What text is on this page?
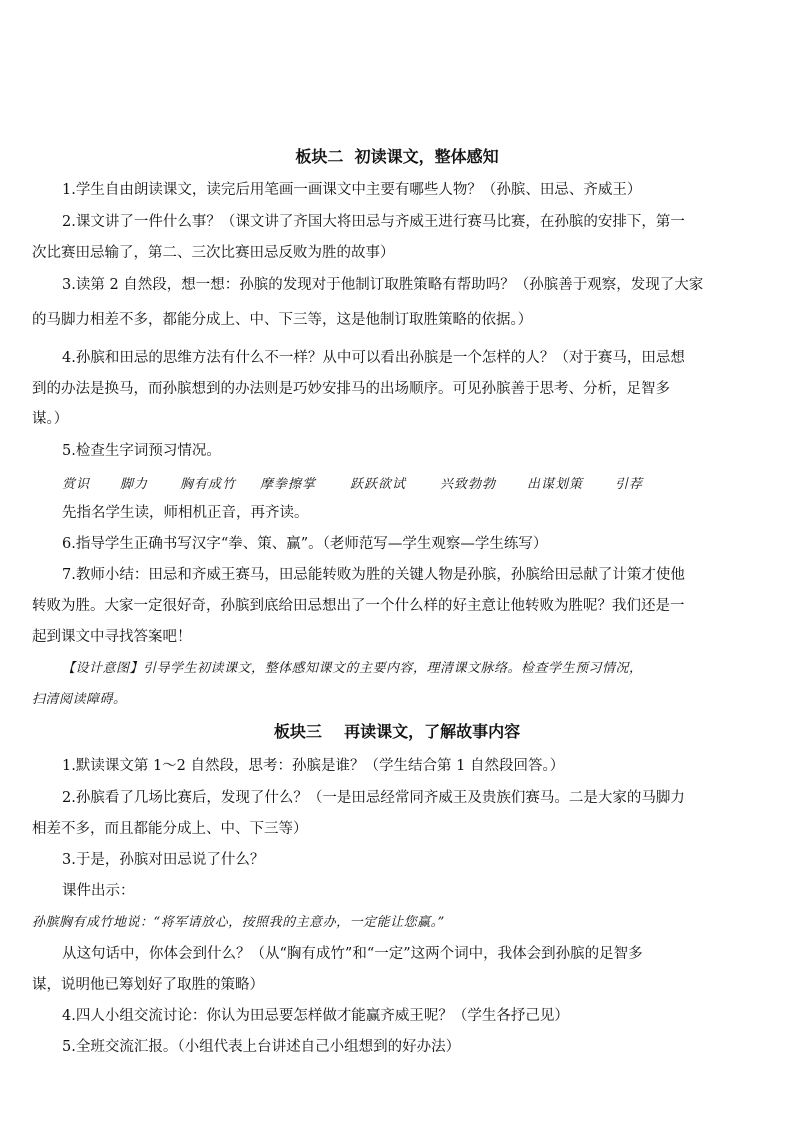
板块二  初读课文，整体感知
1.学生自由朗读课文，读完后用笔画一画课文中主要有哪些人物？（孙膑、田忌、齐威王）
2.课文讲了一件什么事？（课文讲了齐国大将田忌与齐威王进行赛马比赛，在孙膑的安排下，第一
次比赛田忌输了，第二、三次比赛田忌反败为胜的故事）
3.读第 2 自然段，想一想：孙膑的发现对于他制订取胜策略有帮助吗？（孙膑善于观察，发现了大家
的马脚力相差不多，都能分成上、中、下三等，这是他制订取胜策略的依据。）
4.孙膑和田忌的思维方法有什么不一样？从中可以看出孙膑是一个怎样的人？（对于赛马，田忌想
到的办法是换马，而孙膑想到的办法则是巧妙安排马的出场顺序。可见孙膑善于思考、分析，足智多
谋。）
5.检查生字词预习情况。
赏识 脚力 胸有成竹 摩拳擦掌	跃跃欲试	兴致勃勃 出谋划策 引荐
先指名学生读，师相机正音，再齐读。
6.指导学生正确书写汉字“拳、策、赢”。（老师范写—学生观察—学生练写）
7.教师小结：田忌和齐威王赛马，田忌能转败为胜的关键人物是孙膑，孙膑给田忌献了计策才使他
转败为胜。大家一定很好奇，孙膑到底给田忌想出了一个什么样的好主意让他转败为胜呢？我们还是一
起到课文中寻找答案吧！
【设计意图】引导学生初读课文，整体感知课文的主要内容，理清课文脉络。检查学生预习情况，
扫清阅读障碍。
板块三    再读课文，了解故事内容
1.默读课文第 1～2 自然段，思考：孙膑是谁？（学生结合第 1 自然段回答。）
2.孙膑看了几场比赛后，发现了什么？（一是田忌经常同齐威王及贵族们赛马。二是大家的马脚力
相差不多，而且都能分成上、中、下三等）
3.于是，孙膑对田忌说了什么？
课件出示：
孙膑胸有成竹地说：“将军请放心，按照我的主意办，一定能让您赢。”
从这句话中，你体会到什么？（从“胸有成竹”和“一定”这两个词中，我体会到孙膑的足智多
谋，说明他已筹划好了取胜的策略）
4.四人小组交流讨论：你认为田忌要怎样做才能赢齐威王呢？（学生各抒己见）
5.全班交流汇报。（小组代表上台讲述自己小组想到的好办法）
